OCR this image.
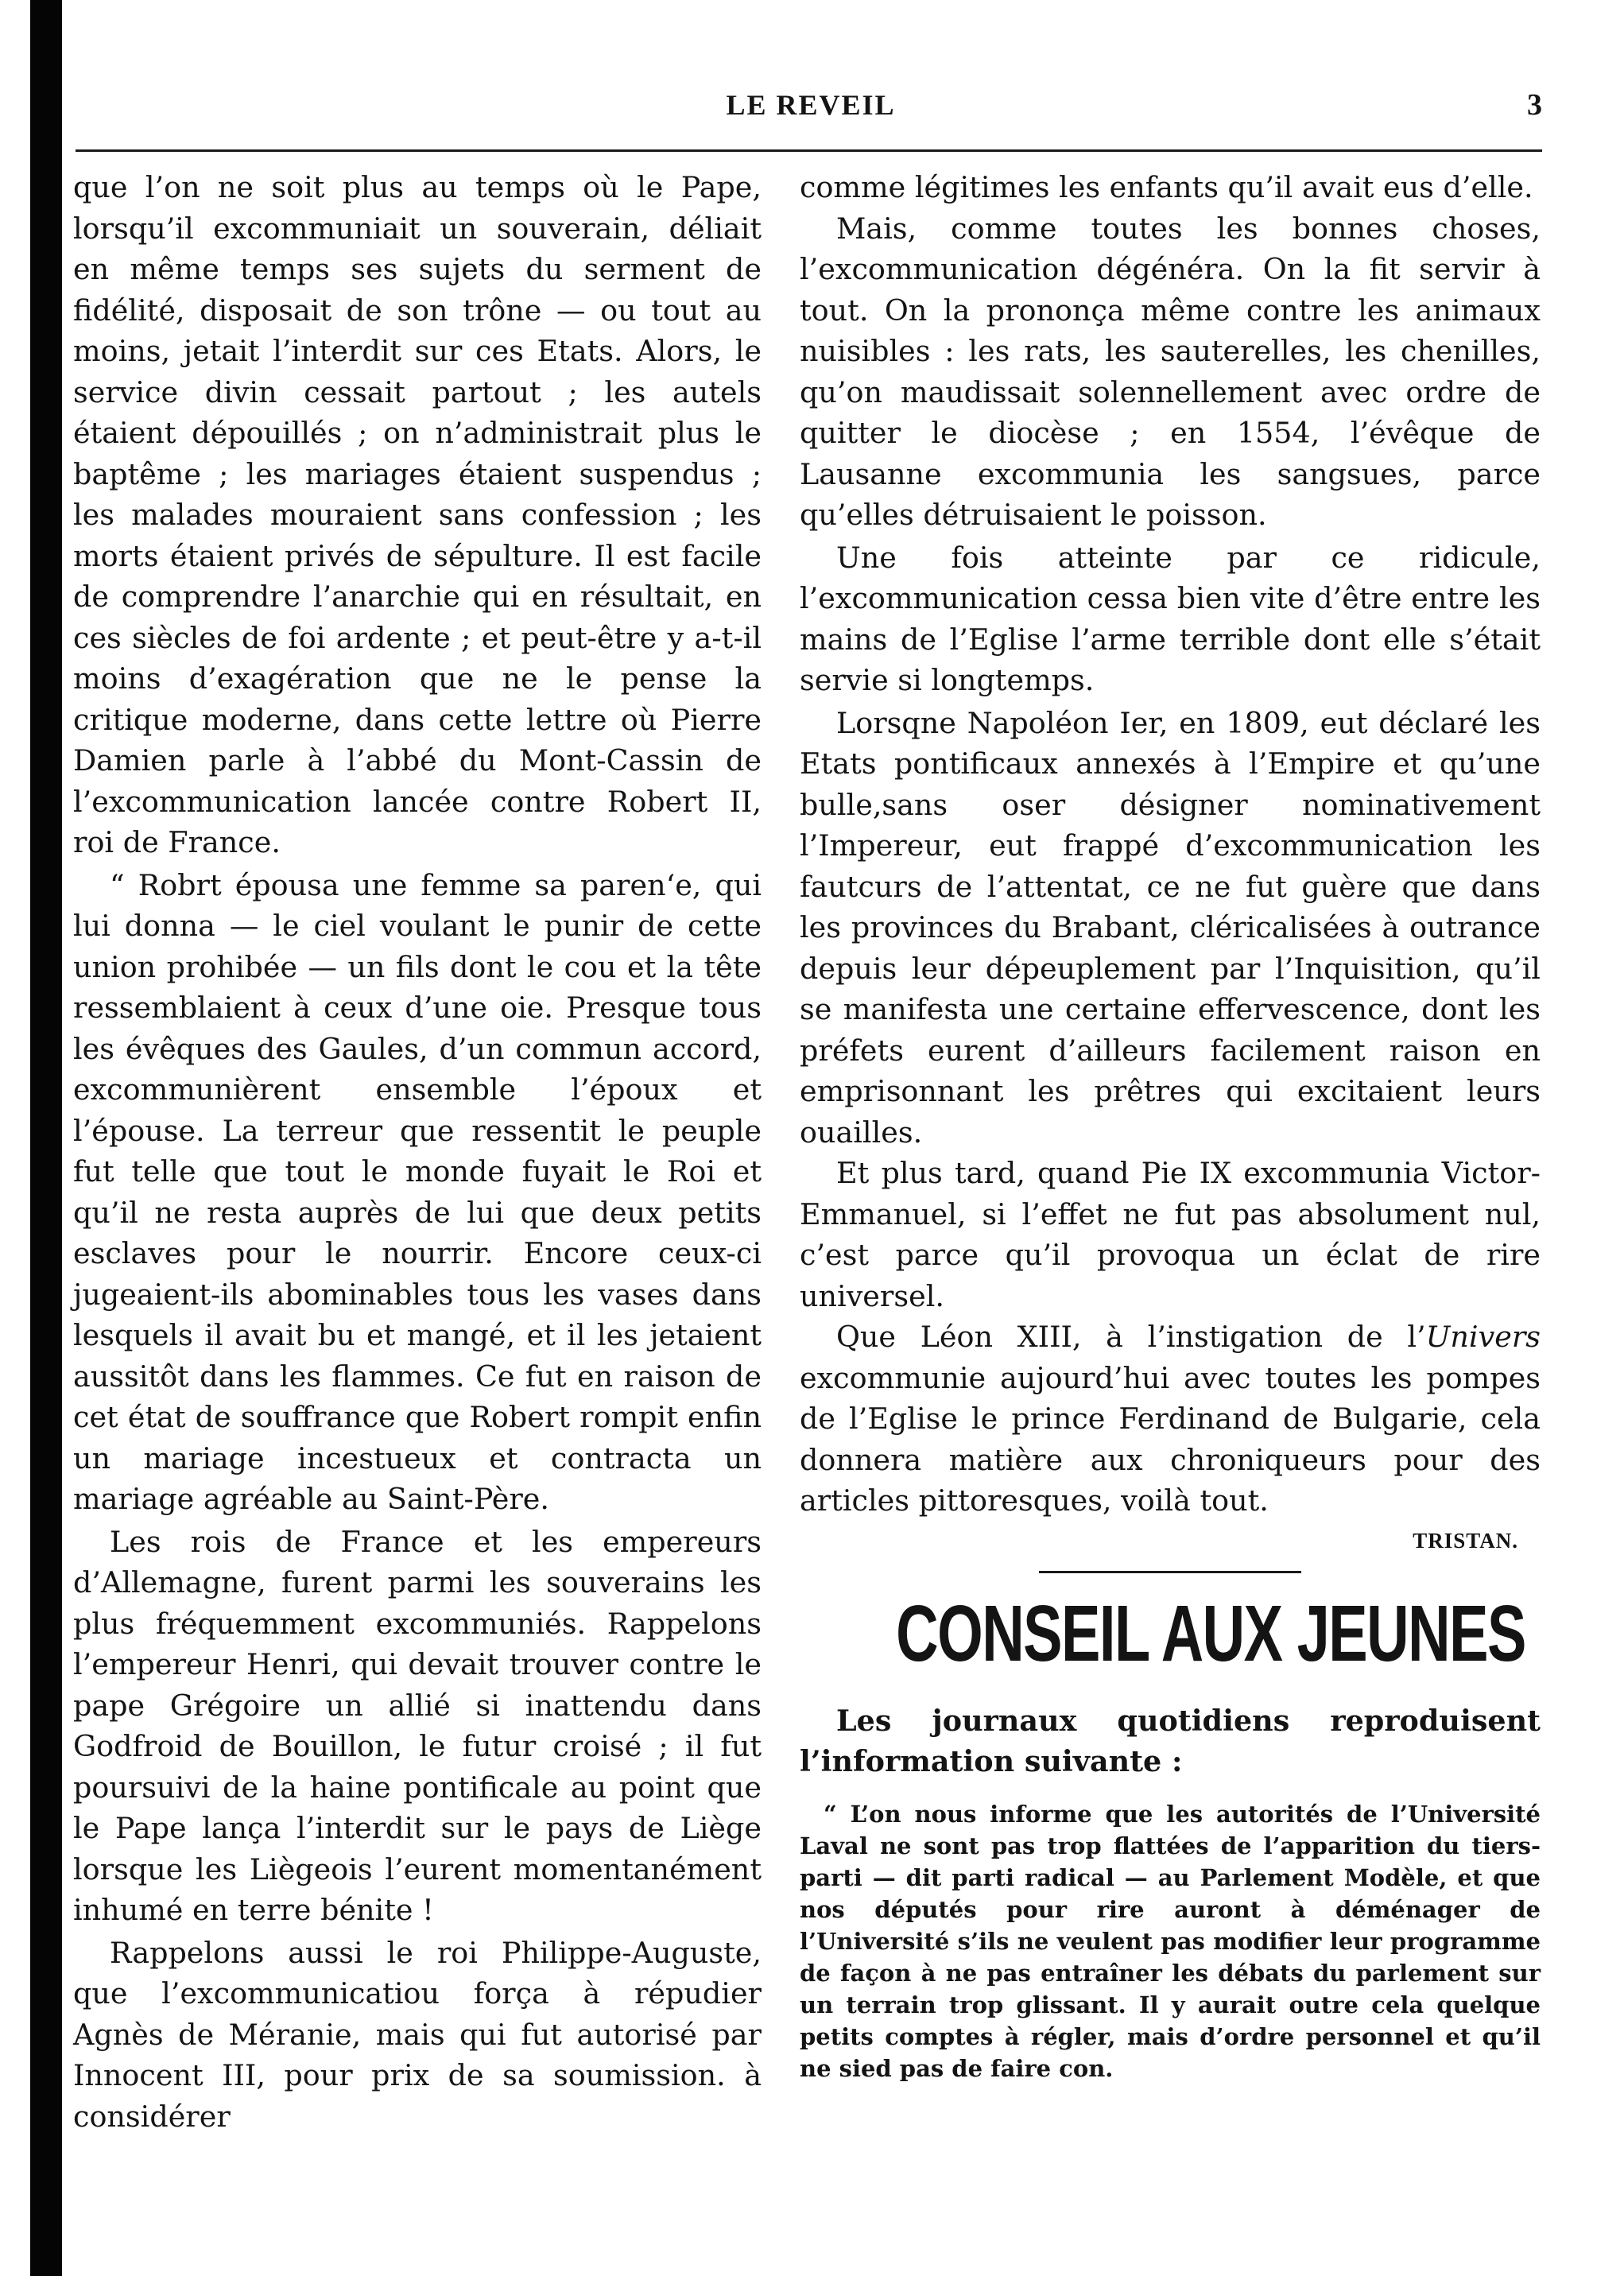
LE REVEIL	3

que l’on ne soit plus au temps où le Pape, lorsqu’il excommuniait un souverain, déliait en même temps ses sujets du serment de fidélité, disposait de son trône — ou tout au moins, jetait l’interdit sur ces Etats. Alors, le service divin cessait partout ; les autels étaient dépouillés ; on n’administrait plus le baptême ; les mariages étaient suspendus ; les malades mouraient sans confession ; les morts étaient privés de sépulture. Il est facile de comprendre l’anarchie qui en résultait, en ces siècles de foi ardente ; et peut-être y a-t-il moins d’exagération que ne le pense la critique moderne, dans cette lettre où Pierre Damien parle à l’abbé du Mont-Cassin de l’excommunication lancée contre Robert II, roi de France.

“ Robrt épousa une femme sa paren‘e, qui lui donna — le ciel voulant le punir de cette union prohibée — un fils dont le cou et la tête ressemblaient à ceux d’une oie. Presque tous les évêques des Gaules, d’un commun accord, excommunièrent ensemble l’époux et l’épouse. La terreur que ressentit le peuple fut telle que tout le monde fuyait le Roi et qu’il ne resta auprès de lui que deux petits esclaves pour le nourrir. Encore ceux-ci jugeaient-ils abominables tous les vases dans lesquels il avait bu et mangé, et il les jetaient aussitôt dans les flammes. Ce fut en raison de cet état de souffrance que Robert rompit enfin un mariage incestueux et contracta un mariage agréable au Saint-Père.

Les rois de France et les empereurs d’Allemagne, furent parmi les souverains les plus fréquemment excommuniés. Rappelons l’empereur Henri, qui devait trouver contre le pape Grégoire un allié si inattendu dans Godfroid de Bouillon, le futur croisé ; il fut poursuivi de la haine pontificale au point que le Pape lança l’interdit sur le pays de Liège lorsque les Liègeois l’eurent momentanément inhumé en terre bénite !

Rappelons aussi le roi Philippe-Auguste, que l’excommunicatiou força à répudier Agnès de Méranie, mais qui fut autorisé par Innocent III, pour prix de sa soumission. à considérer

comme légitimes les enfants qu’il avait eus d’elle.

Mais, comme toutes les bonnes choses, l’excommunication dégénéra. On la fit servir à tout. On la prononça même contre les animaux nuisibles : les rats, les sauterelles, les chenilles, qu’on maudissait solennellement avec ordre de quitter le diocèse ; en 1554, l’évêque de Lausanne excommunia les sangsues, parce qu’elles détruisaient le poisson.

Une fois atteinte par ce ridicule, l’excommunication cessa bien vite d’être entre les mains de l’Eglise l’arme terrible dont elle s’était servie si longtemps.

Lorsqne Napoléon Ier, en 1809, eut déclaré les Etats pontificaux annexés à l’Empire et qu’une bulle,sans oser désigner nominativement l’Impereur, eut frappé d’excommunication les fautcurs de l’attentat, ce ne fut guère que dans les provinces du Brabant, cléricalisées à outrance depuis leur dépeuplement par l’Inquisition, qu’il se manifesta une certaine effervescence, dont les préfets eurent d’ailleurs facilement raison en emprisonnant les prêtres qui excitaient leurs ouailles.

Et plus tard, quand Pie IX excommunia Victor-Emmanuel, si l’effet ne fut pas absolument nul, c’est parce qu’il provoqua un éclat de rire universel.

Que Léon XIII, à l’instigation de l’Univers excommunie aujourd’hui avec toutes les pompes de l’Eglise le prince Ferdinand de Bulgarie, cela donnera matière aux chroniqueurs pour des articles pittoresques, voilà tout.

TRISTAN.
CONSEIL AUX JEUNES

Les journaux quotidiens reproduisent l’information suivante :

“ L’on nous informe que les autorités de l’Université Laval ne sont pas trop flattées de l’apparition du tiers-parti — dit parti radical — au Parlement Modèle, et que nos députés pour rire auront à déménager de l’Université s’ils ne veulent pas modifier leur programme de façon à ne pas entraîner les débats du parlement sur un terrain trop glissant. Il y aurait outre cela quelque petits comptes à régler, mais d’ordre personnel et qu’il ne sied pas de faire con.
